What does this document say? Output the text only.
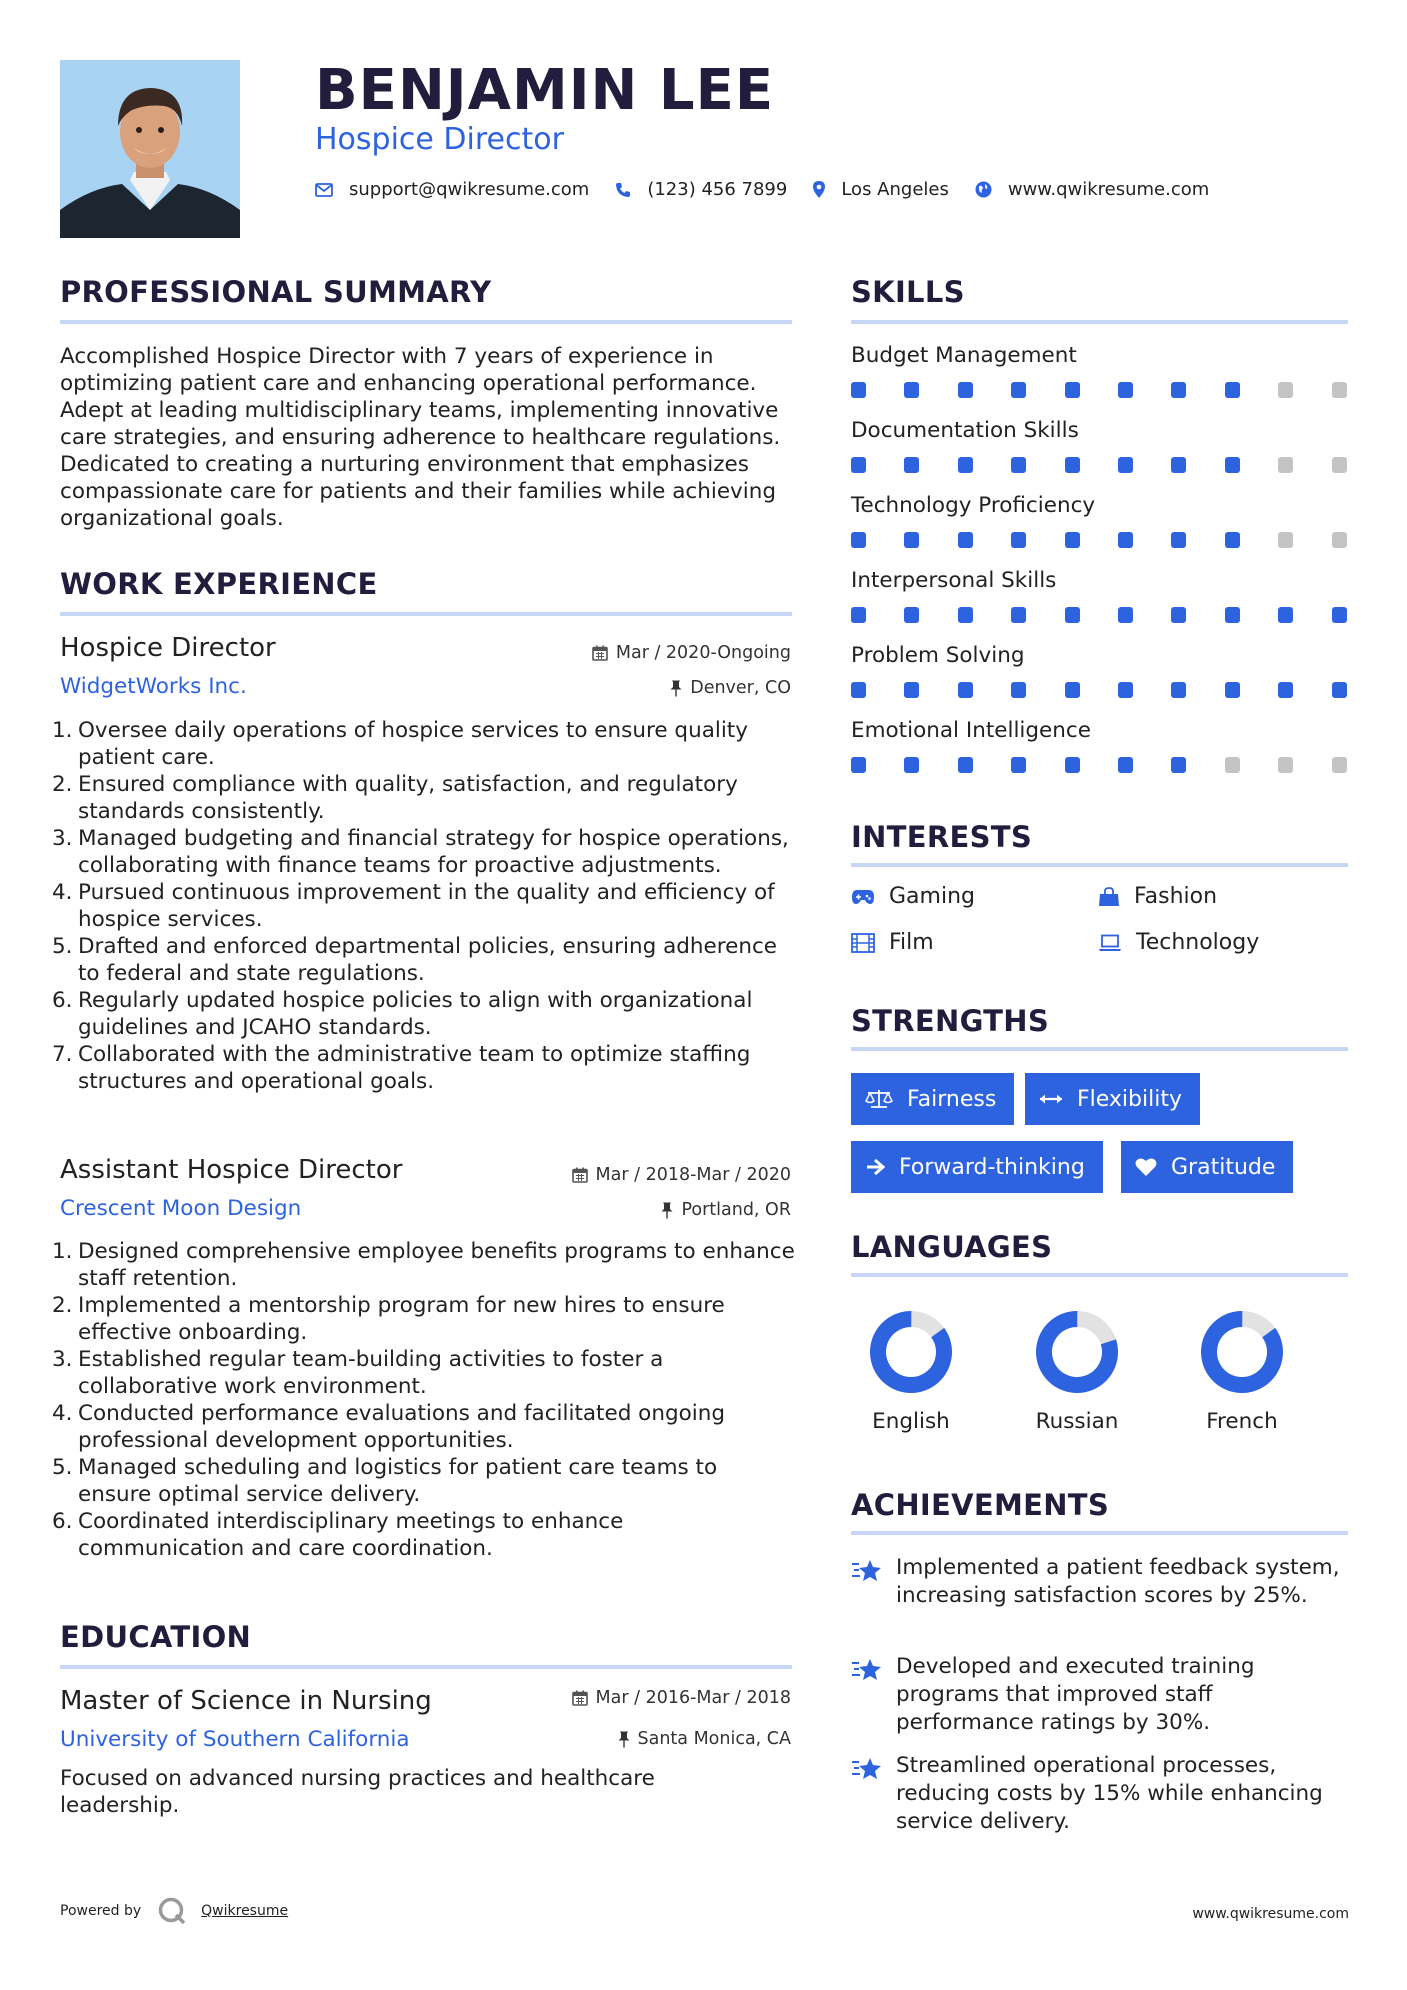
BENJAMIN LEE
Hospice Director
support@qwikresume.com	(123) 456 7899	Los Angeles	www.qwikresume.com
PROFESSIONAL SUMMARY
Accomplished Hospice Director with 7 years of experience in optimizing patient care and enhancing operational performance. Adept at leading multidisciplinary teams, implementing innovative care strategies, and ensuring adherence to healthcare regulations. Dedicated to creating a nurturing environment that emphasizes compassionate care for patients and their families while achieving organizational goals.
WORK EXPERIENCE
Hospice Director	Mar / 2020-Ongoing
WidgetWorks Inc.	Denver, CO
1. Oversee daily operations of hospice services to ensure quality patient care.
2. Ensured compliance with quality, satisfaction, and regulatory standards consistently.
3. Managed budgeting and financial strategy for hospice operations, collaborating with finance teams for proactive adjustments.
4. Pursued continuous improvement in the quality and efficiency of hospice services.
5. Drafted and enforced departmental policies, ensuring adherence to federal and state regulations.
6. Regularly updated hospice policies to align with organizational guidelines and JCAHO standards.
7. Collaborated with the administrative team to optimize staffing structures and operational goals.
Assistant Hospice Director	Mar / 2018-Mar / 2020
Crescent Moon Design	Portland, OR
1. Designed comprehensive employee benefits programs to enhance staff retention.
2. Implemented a mentorship program for new hires to ensure effective onboarding.
3. Established regular team-building activities to foster a collaborative work environment.
4. Conducted performance evaluations and facilitated ongoing professional development opportunities.
5. Managed scheduling and logistics for patient care teams to ensure optimal service delivery.
6. Coordinated interdisciplinary meetings to enhance communication and care coordination.
EDUCATION
Master of Science in Nursing	Mar / 2016-Mar / 2018
University of Southern California	Santa Monica, CA
Focused on advanced nursing practices and healthcare leadership.
SKILLS
Budget Management
Documentation Skills
Technology Proficiency
Interpersonal Skills
Problem Solving
Emotional Intelligence
INTERESTS
Gaming	Fashion
Film	Technology
STRENGTHS
Fairness	Flexibility
Forward-thinking	Gratitude
LANGUAGES
English	Russian	French
ACHIEVEMENTS
Implemented a patient feedback system, increasing satisfaction scores by 25%.
Developed and executed training programs that improved staff performance ratings by 30%.
Streamlined operational processes, reducing costs by 15% while enhancing service delivery.
Powered by	Qwikresume	www.qwikresume.com
